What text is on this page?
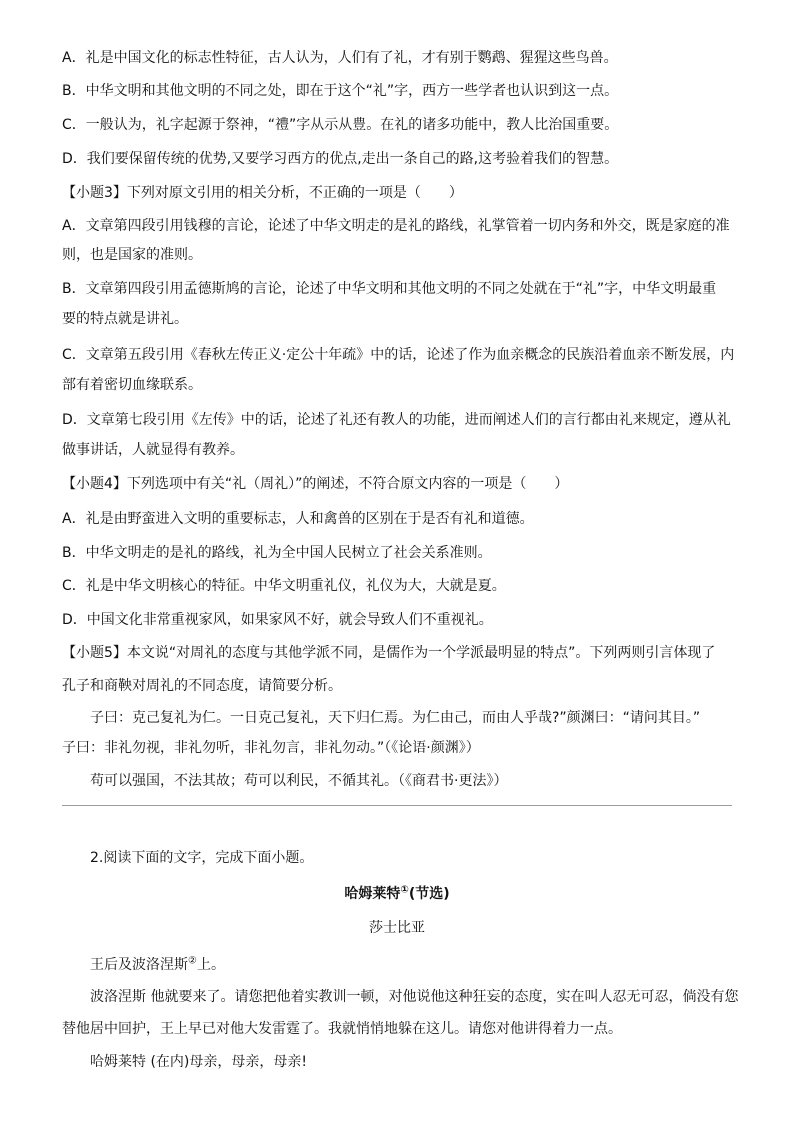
A．礼是中国文化的标志性特征，古人认为，人们有了礼，才有别于鹦鹉、猩猩这些鸟兽。
B．中华文明和其他文明的不同之处，即在于这个“礼”字，西方一些学者也认识到这一点。
C．一般认为，礼字起源于祭神，“禮”字从示从豊。在礼的诸多功能中，教人比治国重要。
D．我们要保留传统的优势,又要学习西方的优点,走出一条自己的路,这考验着我们的智慧。
【小题3】下列对原文引用的相关分析，不正确的一项是（　　）
A．文章第四段引用钱穆的言论，论述了中华文明走的是礼的路线，礼掌管着一切内务和外交，既是家庭的准
则，也是国家的准则。
B．文章第四段引用孟德斯鸠的言论，论述了中华文明和其他文明的不同之处就在于“礼”字，中华文明最重
要的特点就是讲礼。
C．文章第五段引用《春秋左传正义·定公十年疏》中的话，论述了作为血亲概念的民族沿着血亲不断发展，内
部有着密切血缘联系。
D．文章第七段引用《左传》中的话，论述了礼还有教人的功能，进而阐述人们的言行都由礼来规定，遵从礼
做事讲话，人就显得有教养。
【小题4】下列选项中有关“礼（周礼）”的阐述，不符合原文内容的一项是（　　）
A．礼是由野蛮进入文明的重要标志，人和禽兽的区别在于是否有礼和道德。
B．中华文明走的是礼的路线，礼为全中国人民树立了社会关系准则。
C．礼是中华文明核心的特征。中华文明重礼仪，礼仪为大，大就是夏。
D．中国文化非常重视家风，如果家风不好，就会导致人们不重视礼。
【小题5】本文说“对周礼的态度与其他学派不同，是儒作为一个学派最明显的特点”。下列两则引言体现了
孔子和商鞅对周礼的不同态度，请简要分析。
子曰：克己复礼为仁。一日克己复礼，天下归仁焉。为仁由己，而由人乎哉?”颜渊曰：“请问其目。”
子曰：非礼勿视，非礼勿听，非礼勿言，非礼勿动。”（《论语·颜渊》）
苟可以强国，不法其故；苟可以利民，不循其礼。（《商君书·更法》）
2.阅读下面的文字，完成下面小题。
哈姆莱特①(节选)
莎士比亚
王后及波洛涅斯②上。
波洛涅斯 他就要来了。请您把他着实教训一顿，对他说他这种狂妄的态度，实在叫人忍无可忍，倘没有您
替他居中回护，王上早已对他大发雷霆了。我就悄悄地躲在这儿。请您对他讲得着力一点。
哈姆莱特 (在内)母亲，母亲，母亲!
